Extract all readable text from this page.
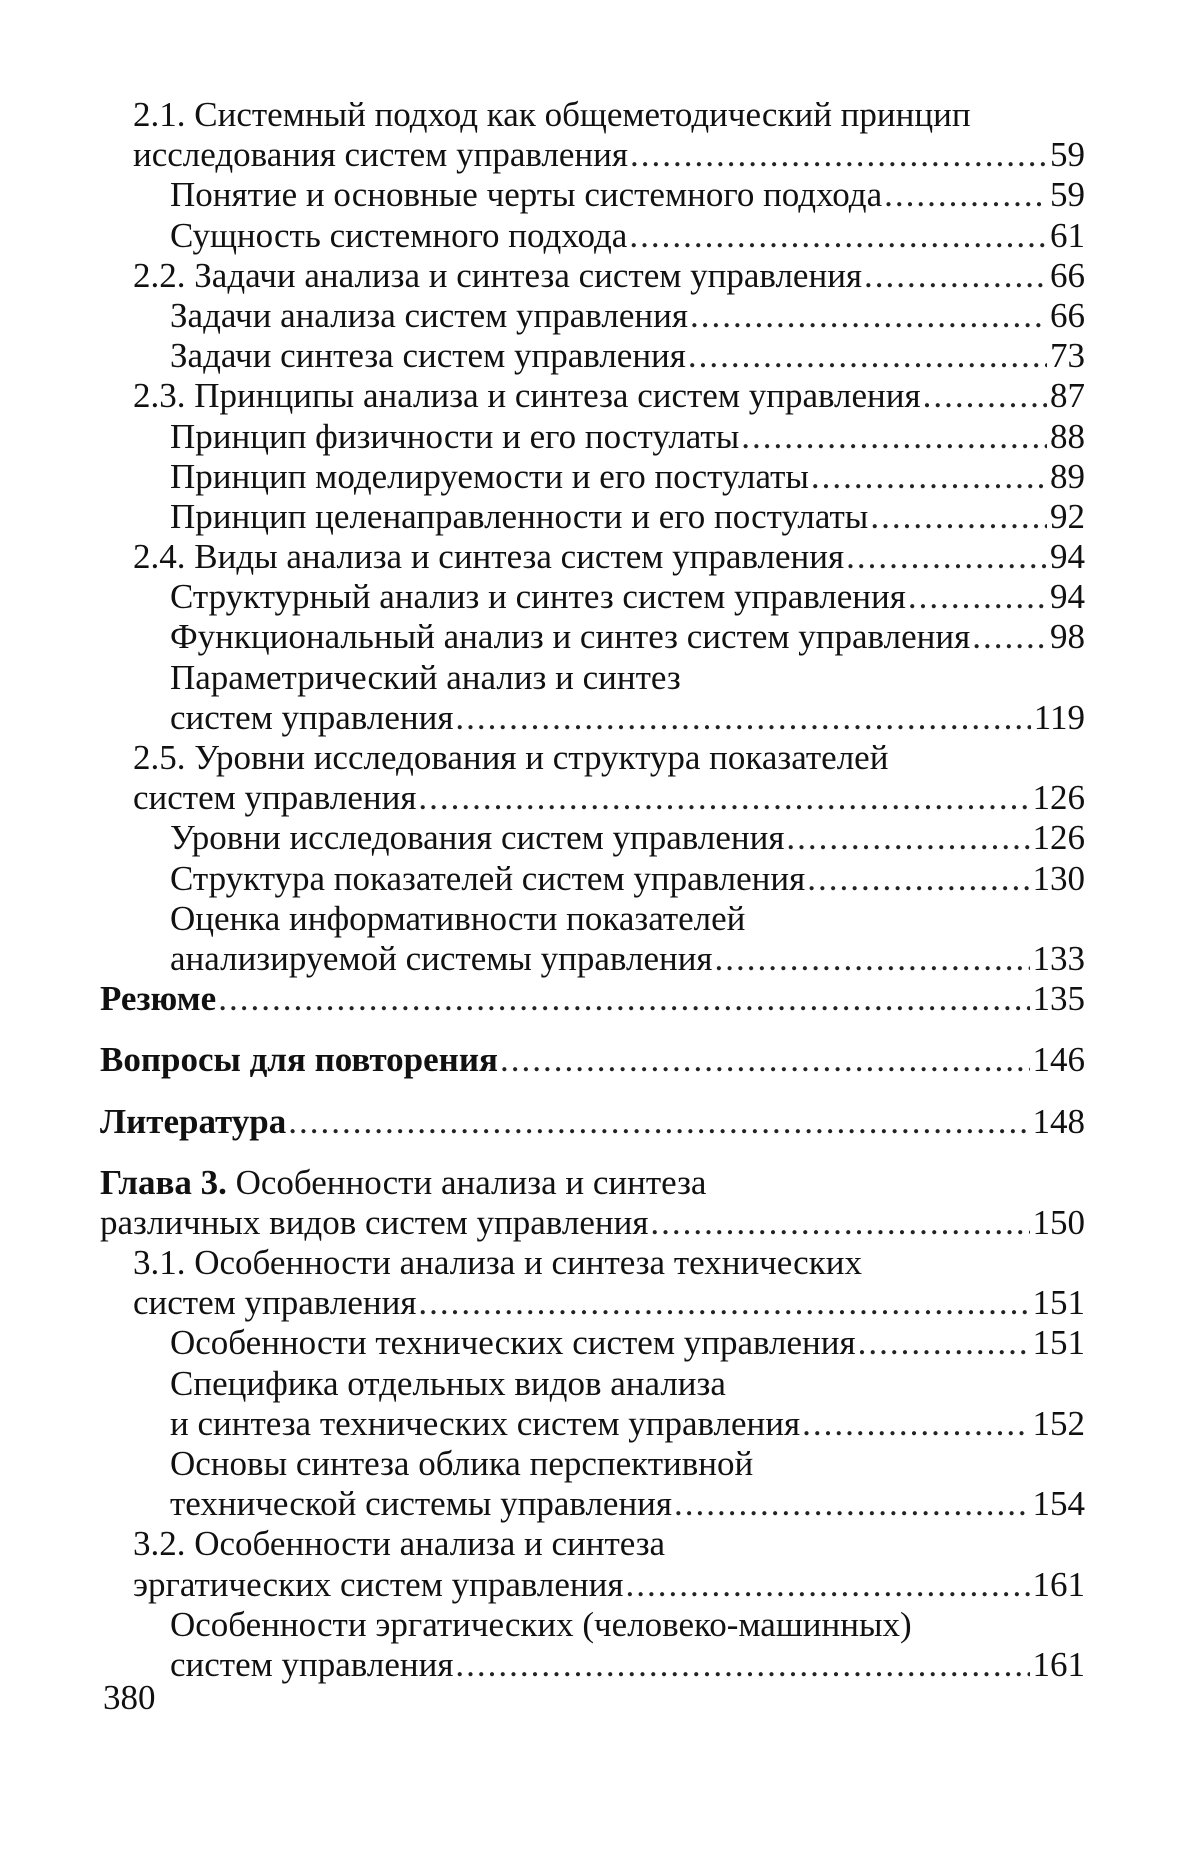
2.1. Системный подход как общеметодический принцип
исследования систем управления .....	59
Понятие и основные черты системного подхода .....	59
Сущность системного подхода .....	61
2.2. Задачи анализа и синтеза систем управления .....	66
Задачи анализа систем управления .....	66
Задачи синтеза систем управления .....	73
2.3. Принципы анализа и синтеза систем управления .....	87
Принцип физичности и его постулаты .....	88
Принцип моделируемости и его постулаты .....	89
Принцип целенаправленности и его постулаты .....	92
2.4. Виды анализа и синтеза систем управления .....	94
Структурный анализ и синтез систем управления .....	94
Функциональный анализ и синтез систем управления ..... 98
Параметрический анализ и синтез
систем управления .....	119
2.5. Уровни исследования и структура показателей
систем управления .....	126
Уровни исследования систем управления .....	126
Структура показателей систем управления .....	130
Оценка информативности показателей
анализируемой системы управления .....	133
Резюме .....	135
Вопросы для повторения .....	146
Литература .....	148
Глава 3. Особенности анализа и синтеза
различных видов систем управления .....	150
3.1. Особенности анализа и синтеза технических
систем управления .....	151
Особенности технических систем управления .....	151
Специфика отдельных видов анализа
и синтеза технических систем управления .....	152
Основы синтеза облика перспективной
технической системы управления .....	154
3.2. Особенности анализа и синтеза
эргатических систем управления .....	161
Особенности эргатических (человеко-машинных)
систем управления .....	161
380
